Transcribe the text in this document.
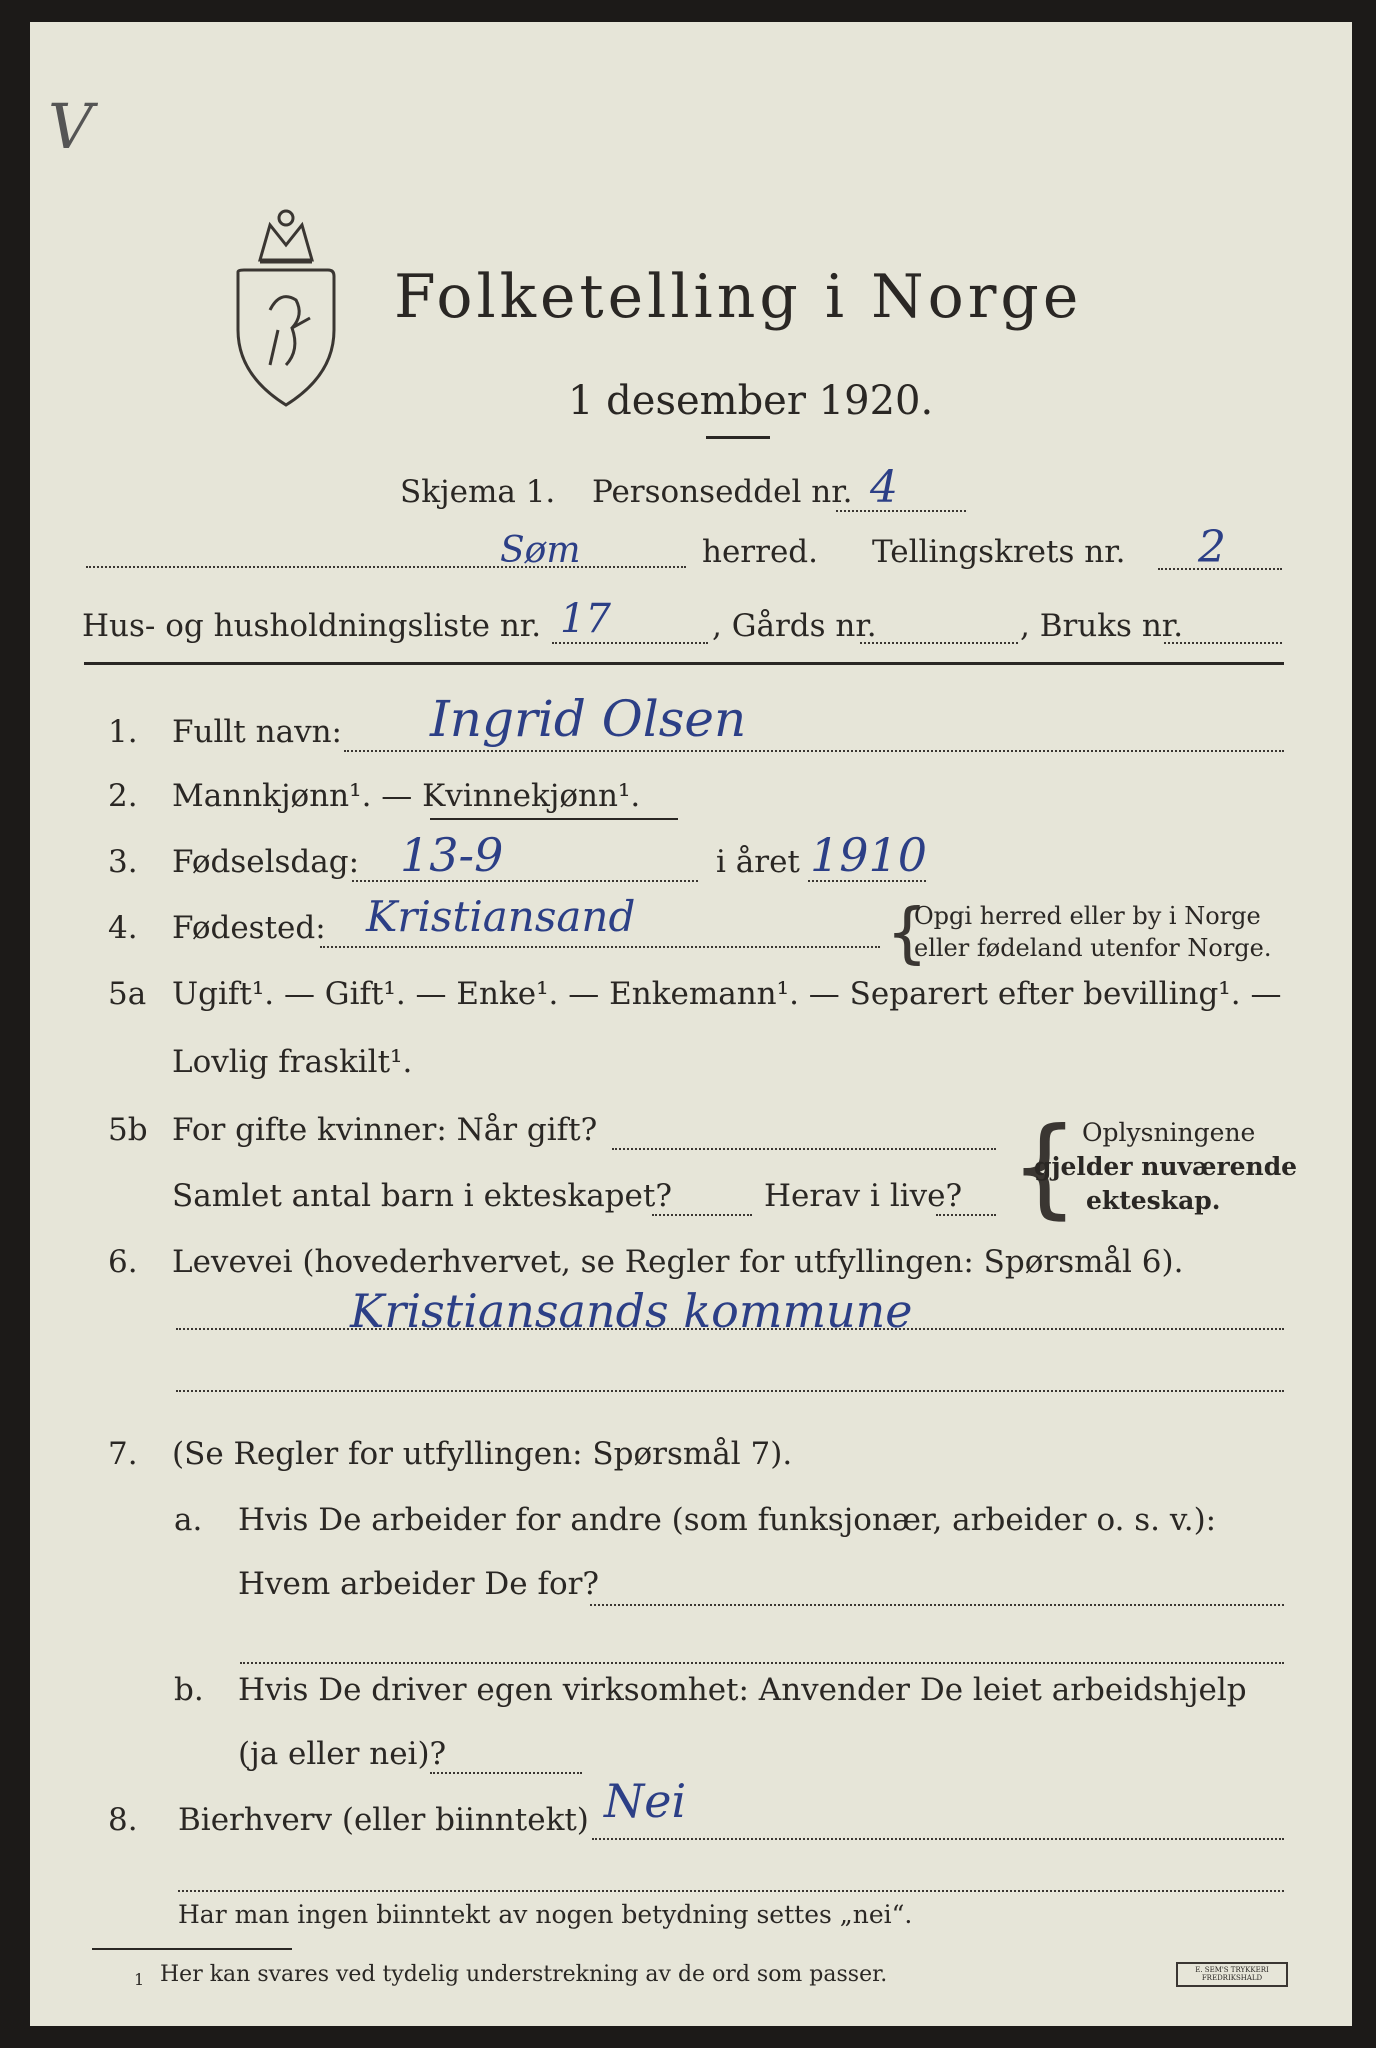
V
Folketelling i Norge
1 desember 1920.
Skjema 1. Personseddel nr. 4
Søm	herred. Tellingskrets nr. 2
Hus- og husholdningsliste nr. 17	, Gårds nr.	, Bruks nr.
1. Fullt navn: Ingrid Olsen
2. Mannkjønn¹. — Kvinnekjønn¹.
3. Fødselsdag: 13-9	i året 1910
4. Fødested: Kristiansand	{
Opgi herred eller by i Norge
eller fødeland utenfor Norge.
5a Ugift¹. — Gift¹. — Enke¹. — Enkemann¹. — Separert efter bevilling¹. —
Lovlig fraskilt¹.
5b For gifte kvinner: Når gift?
Samlet antal barn i ekteskapet?	Herav i live? { Oplysningene
gjelder nuværende
ekteskap.
6. Levevei (hovederhvervet, se Regler for utfyllingen: Spørsmål 6).
Kristiansands kommune
7. (Se Regler for utfyllingen: Spørsmål 7).
a. Hvis De arbeider for andre (som funksjonær, arbeider o. s. v.):
Hvem arbeider De for?
b. Hvis De driver egen virksomhet: Anvender De leiet arbeidshjelp
(ja eller nei)?
8. Bierhverv (eller biinntekt) Nei
Har man ingen biinntekt av nogen betydning settes „nei“.
1 Her kan svares ved tydelig understrekning av de ord som passer.	E. SEM'S TRYKKERI FREDRIKSHALD
